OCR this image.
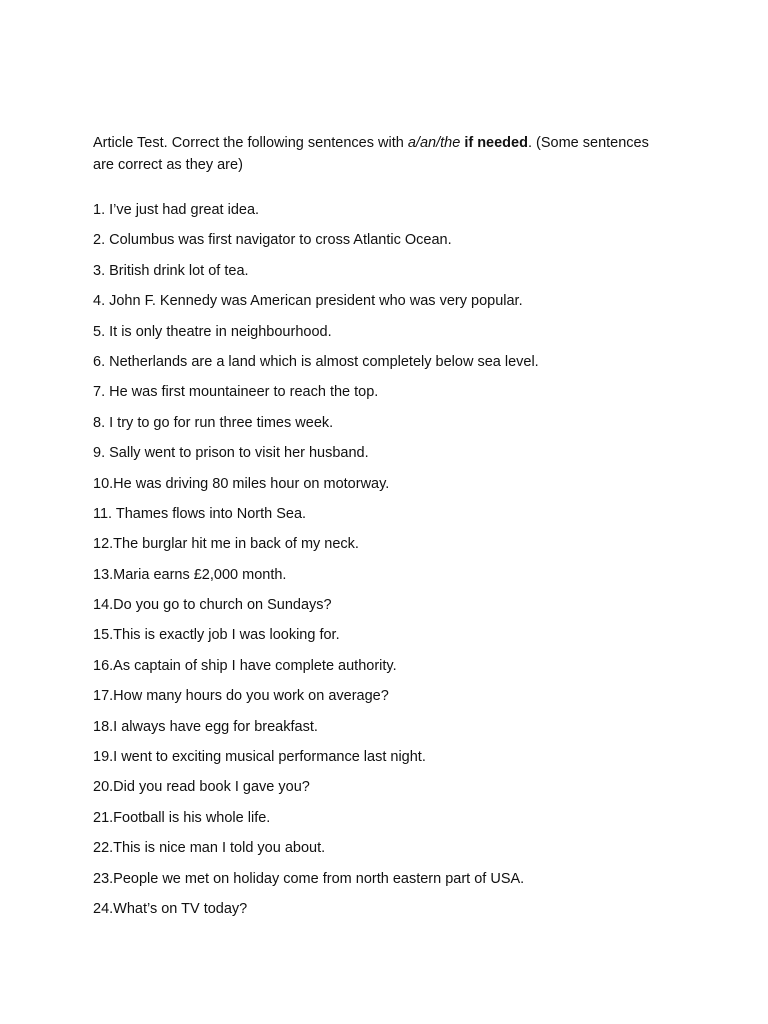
Article Test. Correct the following sentences with a/an/the if needed. (Some sentences are correct as they are)

1. I’ve just had great idea.
2. Columbus was first navigator to cross Atlantic Ocean.
3. British drink lot of tea.
4. John F. Kennedy was American president who was very popular.
5. It is only theatre in neighbourhood.
6. Netherlands are a land which is almost completely below sea level.
7. He was first mountaineer to reach the top.
8. I try to go for run three times week.
9. Sally went to prison to visit her husband.
10.He was driving 80 miles hour on motorway.
11. Thames flows into North Sea.
12.The burglar hit me in back of my neck.
13.Maria earns £2,000 month.
14.Do you go to church on Sundays?
15.This is exactly job I was looking for.
16.As captain of ship I have complete authority.
17.How many hours do you work on average?
18.I always have egg for breakfast.
19.I went to exciting musical performance last night.
20.Did you read book I gave you?
21.Football is his whole life.
22.This is nice man I told you about.
23.People we met on holiday come from north eastern part of USA.
24.What’s on TV today?
